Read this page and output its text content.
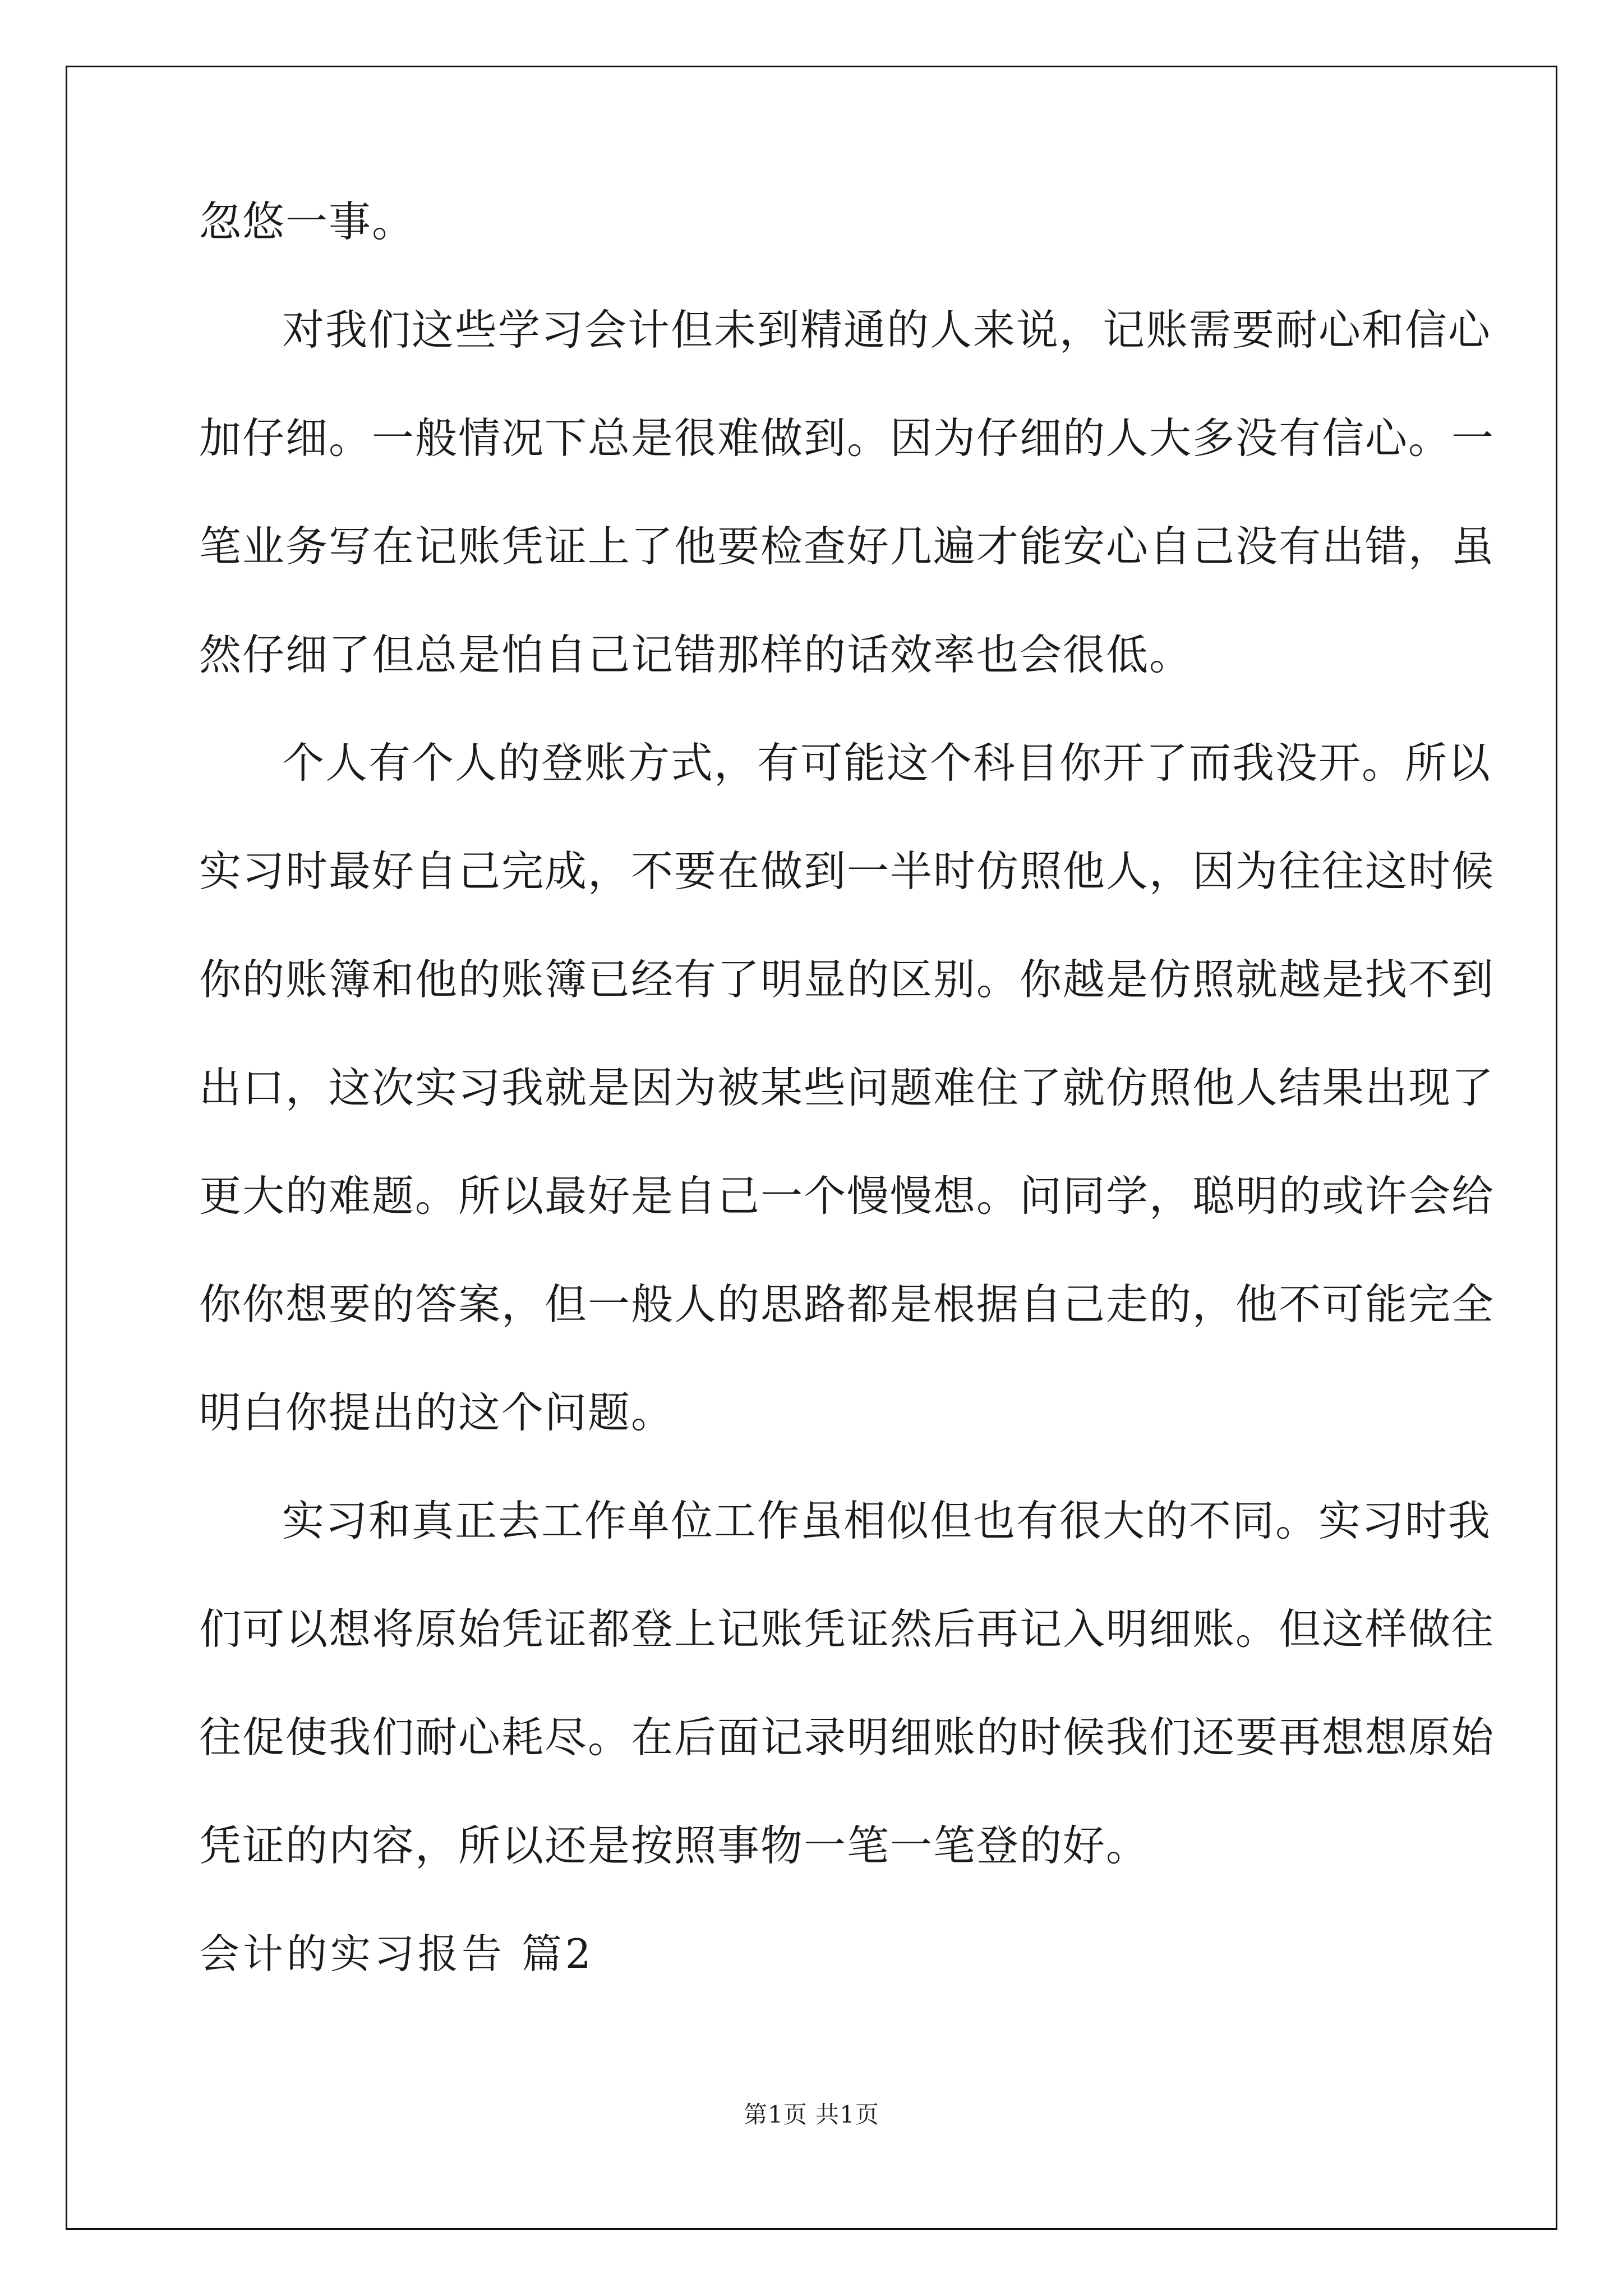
忽悠一事。
对我们这些学习会计但未到精通的人来说，记账需要耐心和信心
加仔细。一般情况下总是很难做到。因为仔细的人大多没有信心。一
笔业务写在记账凭证上了他要检查好几遍才能安心自己没有出错，虽
然仔细了但总是怕自己记错那样的话效率也会很低。
个人有个人的登账方式，有可能这个科目你开了而我没开。所以
实习时最好自己完成，不要在做到一半时仿照他人，因为往往这时候
你的账簿和他的账簿已经有了明显的区别。你越是仿照就越是找不到
出口，这次实习我就是因为被某些问题难住了就仿照他人结果出现了
更大的难题。所以最好是自己一个慢慢想。问同学，聪明的或许会给
你你想要的答案，但一般人的思路都是根据自己走的，他不可能完全
明白你提出的这个问题。
实习和真正去工作单位工作虽相似但也有很大的不同。实习时我
们可以想将原始凭证都登上记账凭证然后再记入明细账。但这样做往
往促使我们耐心耗尽。在后面记录明细账的时候我们还要再想想原始
凭证的内容，所以还是按照事物一笔一笔登的好。
会计的实习报告 篇2
第1页 共1页
